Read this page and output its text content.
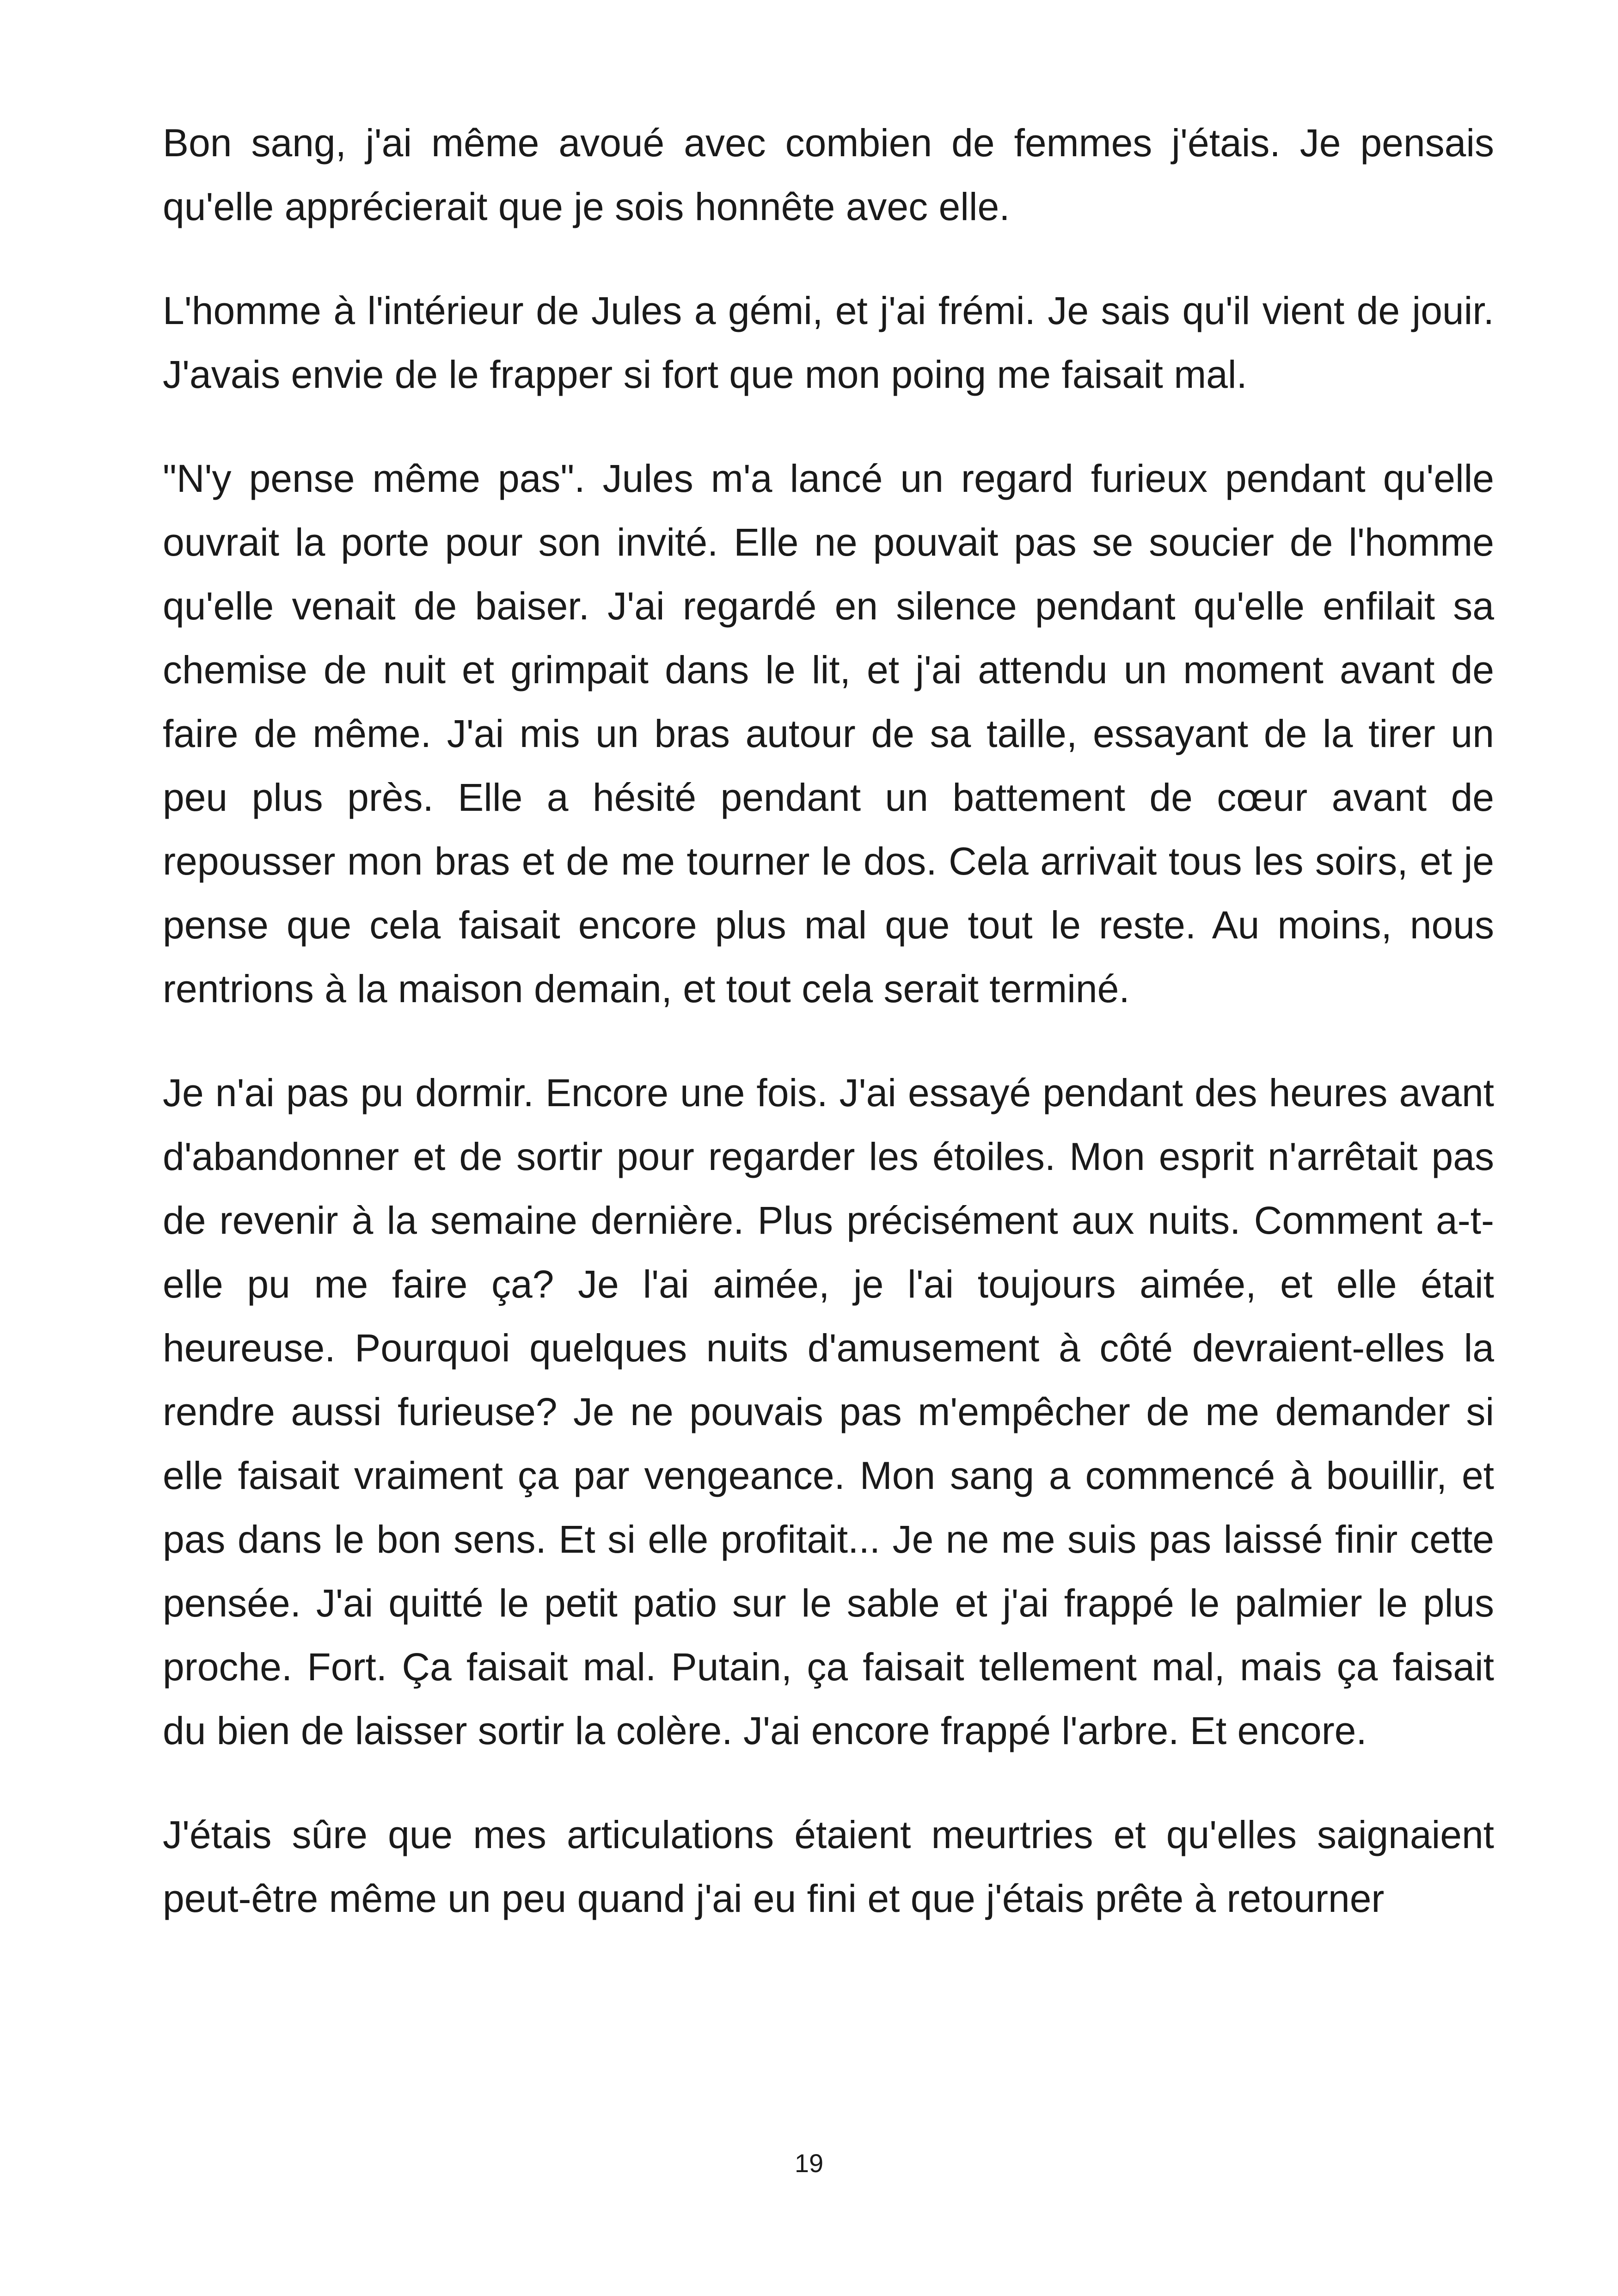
Bon sang, j'ai même avoué avec combien de femmes j'étais. Je pensais qu'elle apprécierait que je sois honnête avec elle.

L'homme à l'intérieur de Jules a gémi, et j'ai frémi. Je sais qu'il vient de jouir. J'avais envie de le frapper si fort que mon poing me faisait mal.

"N'y pense même pas". Jules m'a lancé un regard furieux pendant qu'elle ouvrait la porte pour son invité. Elle ne pouvait pas se soucier de l'homme qu'elle venait de baiser. J'ai regardé en silence pendant qu'elle enfilait sa chemise de nuit et grimpait dans le lit, et j'ai attendu un moment avant de faire de même. J'ai mis un bras autour de sa taille, essayant de la tirer un peu plus près. Elle a hésité pendant un battement de cœur avant de repousser mon bras et de me tourner le dos. Cela arrivait tous les soirs, et je pense que cela faisait encore plus mal que tout le reste. Au moins, nous rentrions à la maison demain, et tout cela serait terminé.

Je n'ai pas pu dormir. Encore une fois. J'ai essayé pendant des heures avant d'abandonner et de sortir pour regarder les étoiles. Mon esprit n'arrêtait pas de revenir à la semaine dernière. Plus précisément aux nuits. Comment a-t-elle pu me faire ça? Je l'ai aimée, je l'ai toujours aimée, et elle était heureuse. Pourquoi quelques nuits d'amusement à côté devraient-elles la rendre aussi furieuse? Je ne pouvais pas m'empêcher de me demander si elle faisait vraiment ça par vengeance. Mon sang a commencé à bouillir, et pas dans le bon sens. Et si elle profitait... Je ne me suis pas laissé finir cette pensée. J'ai quitté le petit patio sur le sable et j'ai frappé le palmier le plus proche. Fort. Ça faisait mal. Putain, ça faisait tellement mal, mais ça faisait du bien de laisser sortir la colère. J'ai encore frappé l'arbre. Et encore.

J'étais sûre que mes articulations étaient meurtries et qu'elles saignaient peut-être même un peu quand j'ai eu fini et que j'étais prête à retourner

19
